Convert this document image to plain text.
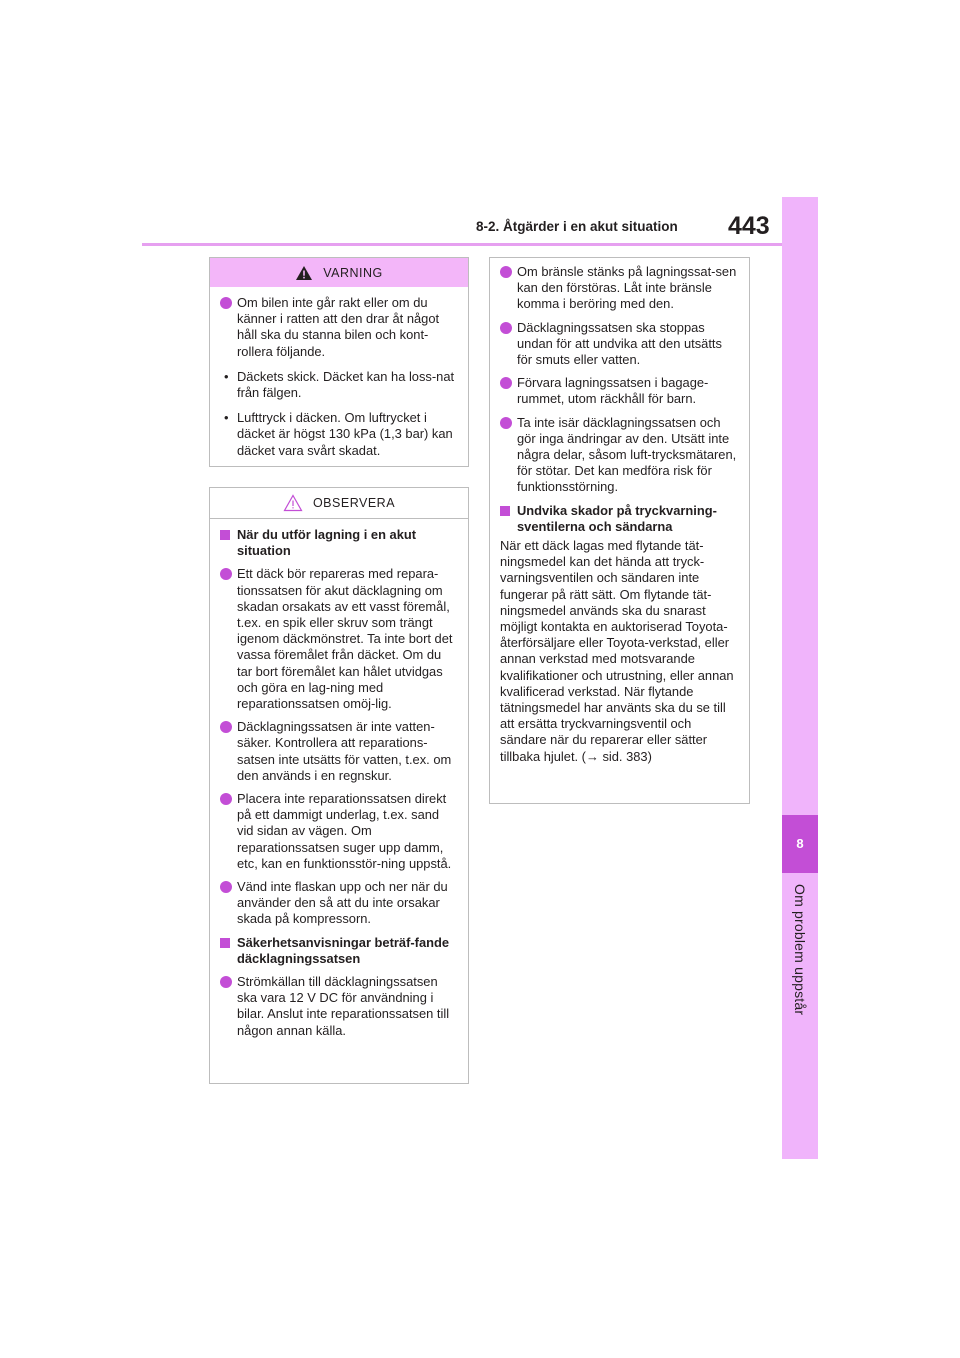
8-2. Åtgärder i en akut situation 443
8
Om problem uppstår
VARNING
Om bilen inte går rakt eller om du känner i ratten att den drar åt något håll ska du stanna bilen och kont-rollera följande.
• Däckets skick. Däcket kan ha loss-nat från fälgen.
• Lufttryck i däcken. Om luftrycket i däcket är högst 130 kPa (1,3 bar) kan däcket vara svårt skadat.
OBSERVERA
När du utför lagning i en akut situation
Ett däck bör repareras med repara-tionssatsen för akut däcklagning om skadan orsakats av ett vasst föremål, t.ex. en spik eller skruv som trängt igenom däckmönstret. Ta inte bort det vassa föremålet från däcket. Om du tar bort föremålet kan hålet utvidgas och göra en lag-ning med reparationssatsen omöj-lig.
Däcklagningssatsen är inte vatten-säker. Kontrollera att reparations-satsen inte utsätts för vatten, t.ex. om den används i en regnskur.
Placera inte reparationssatsen direkt på ett dammigt underlag, t.ex. sand vid sidan av vägen. Om reparationssatsen suger upp damm, etc, kan en funktionsstör-ning uppstå.
Vänd inte flaskan upp och ner när du använder den så att du inte orsakar skada på kompressorn.
Säkerhetsanvisningar beträf-fande däcklagningssatsen
Strömkällan till däcklagningssatsen ska vara 12 V DC för användning i bilar. Anslut inte reparationssatsen till någon annan källa.
Om bränsle stänks på lagningssat-sen kan den förstöras. Låt inte bränsle komma i beröring med den.
Däcklagningssatsen ska stoppas undan för att undvika att den utsätts för smuts eller vatten.
Förvara lagningssatsen i bagage-rummet, utom räckhåll för barn.
Ta inte isär däcklagningssatsen och gör inga ändringar av den. Utsätt inte några delar, såsom luft-trycksmätaren, för stötar. Det kan medföra risk för funktionsstörning.
Undvika skador på tryckvarning-sventilerna och sändarna
När ett däck lagas med flytande tät-ningsmedel kan det hända att tryck-varningsventilen och sändaren inte fungerar på rätt sätt. Om flytande tät-ningsmedel används ska du snarast möjligt kontakta en auktoriserad Toyota-återförsäljare eller Toyota-verkstad, eller annan verkstad med motsvarande kvalifikationer och utrustning, eller annan kvalificerad verkstad. När flytande tätningsmedel har använts ska du se till att ersätta tryckvarningsventil och sändare när du reparerar eller sätter tillbaka hjulet. (→ sid. 383)
